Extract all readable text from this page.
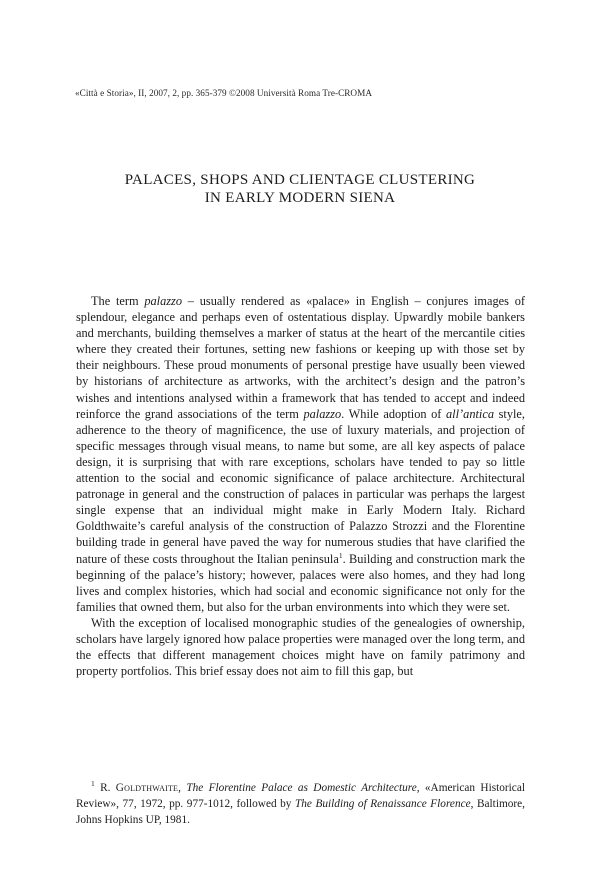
«Città e Storia», II, 2007, 2, pp. 365-379 ©2008 Università Roma Tre-CROMA
PALACES, SHOPS AND CLIENTAGE CLUSTERING
IN EARLY MODERN SIENA

The term palazzo – usually rendered as «palace» in English – conjures images of splendour, elegance and perhaps even of ostentatious display. Upwardly mobile bankers and merchants, building themselves a marker of status at the heart of the mercantile cities where they created their fortunes, setting new fashions or keeping up with those set by their neighbours. These proud monuments of personal prestige have usually been viewed by historians of architecture as artworks, with the architect’s design and the patron’s wishes and intentions analysed within a framework that has tended to accept and indeed reinforce the grand associations of the term palazzo. While adoption of all’antica style, adherence to the theory of magnificence, the use of luxury materials, and projection of specific messages through visual means, to name but some, are all key aspects of palace design, it is surprising that with rare exceptions, scholars have tended to pay so little attention to the social and economic significance of palace architecture. Architectural patronage in general and the construction of palaces in particular was perhaps the largest single expense that an individual might make in Early Modern Italy. Richard Goldthwaite’s careful analysis of the construction of Palazzo Strozzi and the Florentine building trade in general have paved the way for numerous studies that have clarified the nature of these costs throughout the Italian peninsula$^1$. Building and construction mark the beginning of the palace’s history; however, palaces were also homes, and they had long lives and complex histories, which had social and economic significance not only for the families that owned them, but also for the urban environments into which they were set.

With the exception of localised monographic studies of the genealogies of ownership, scholars have largely ignored how palace properties were managed over the long term, and the effects that different management choices might have on family patrimony and property portfolios. This brief essay does not aim to fill this gap, but

$^1$ R. Goldthwaite, The Florentine Palace as Domestic Architecture, «American Historical Review», 77, 1972, pp. 977-1012, followed by The Building of Renaissance Florence, Baltimore, Johns Hopkins UP, 1981.
